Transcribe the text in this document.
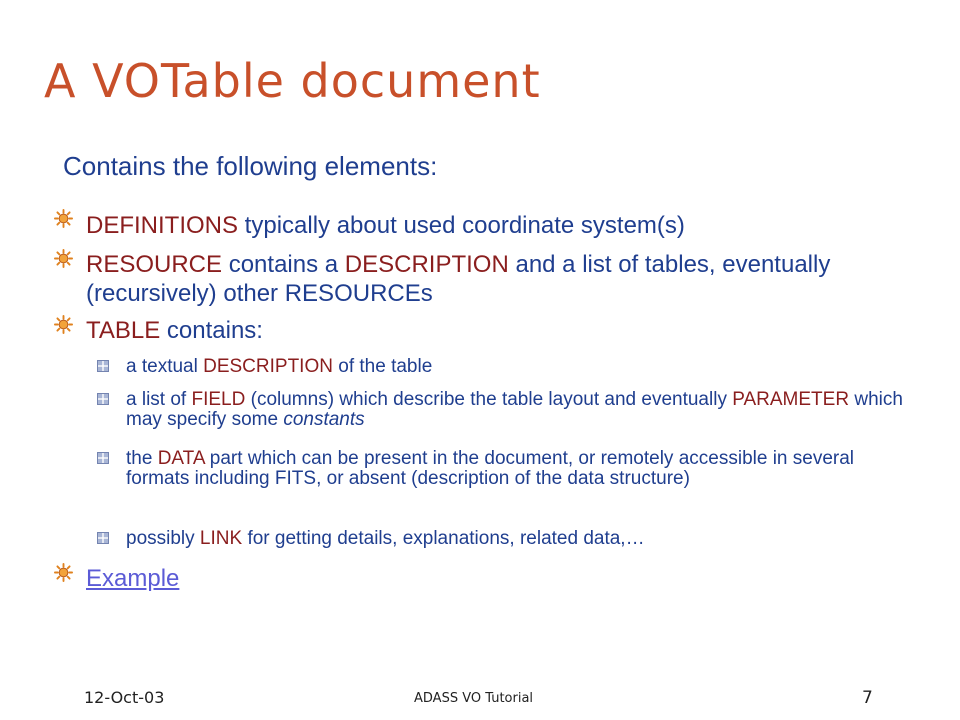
A VOTable document
Contains the following elements:
DEFINITIONS typically about used coordinate system(s)
RESOURCE contains a DESCRIPTION and a list of tables, eventually (recursively) other RESOURCEs
TABLE contains:
a textual DESCRIPTION of the table
a list of FIELD (columns) which describe the table layout and eventually PARAMETER which may specify some constants
the DATA part which can be present in the document, or remotely accessible in several formats including FITS, or absent (description of the data structure)
possibly LINK for getting details, explanations, related data,…
Example
12-Oct-03	ADASS VO Tutorial	7
